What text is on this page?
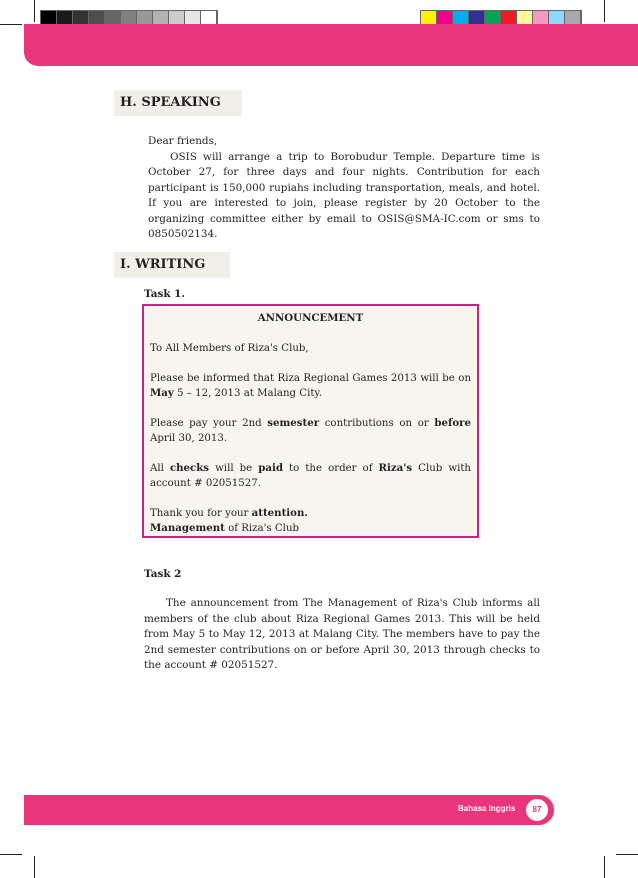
H. SPEAKING

Dear friends,

OSIS will arrange a trip to Borobudur Temple. Departure time is October 27, for three days and four nights. Contribution for each participant is 150,000 rupiahs including transportation, meals, and hotel. If you are interested to join, please register by 20 October to the organizing committee either by email to OSIS@SMA-IC.com or sms to 0850502134.

I. WRITING
Task 1.
ANNOUNCEMENT

To All Members of Riza's Club,

Please be informed that Riza Regional Games 2013 will be on May 5 – 12, 2013 at Malang City.

Please pay your 2nd semester contributions on or before April 30, 2013.

All checks will be paid to the order of Riza's Club with account # 02051527.

Thank you for your attention.

Management of Riza's Club

Task 2
The announcement from The Management of Riza's Club informs all members of the club about Riza Regional Games 2013. This will be held from May 5 to May 12, 2013 at Malang City. The members have to pay the 2nd semester contributions on or before April 30, 2013 through checks to the account # 02051527.
Bahasa Inggris	87
